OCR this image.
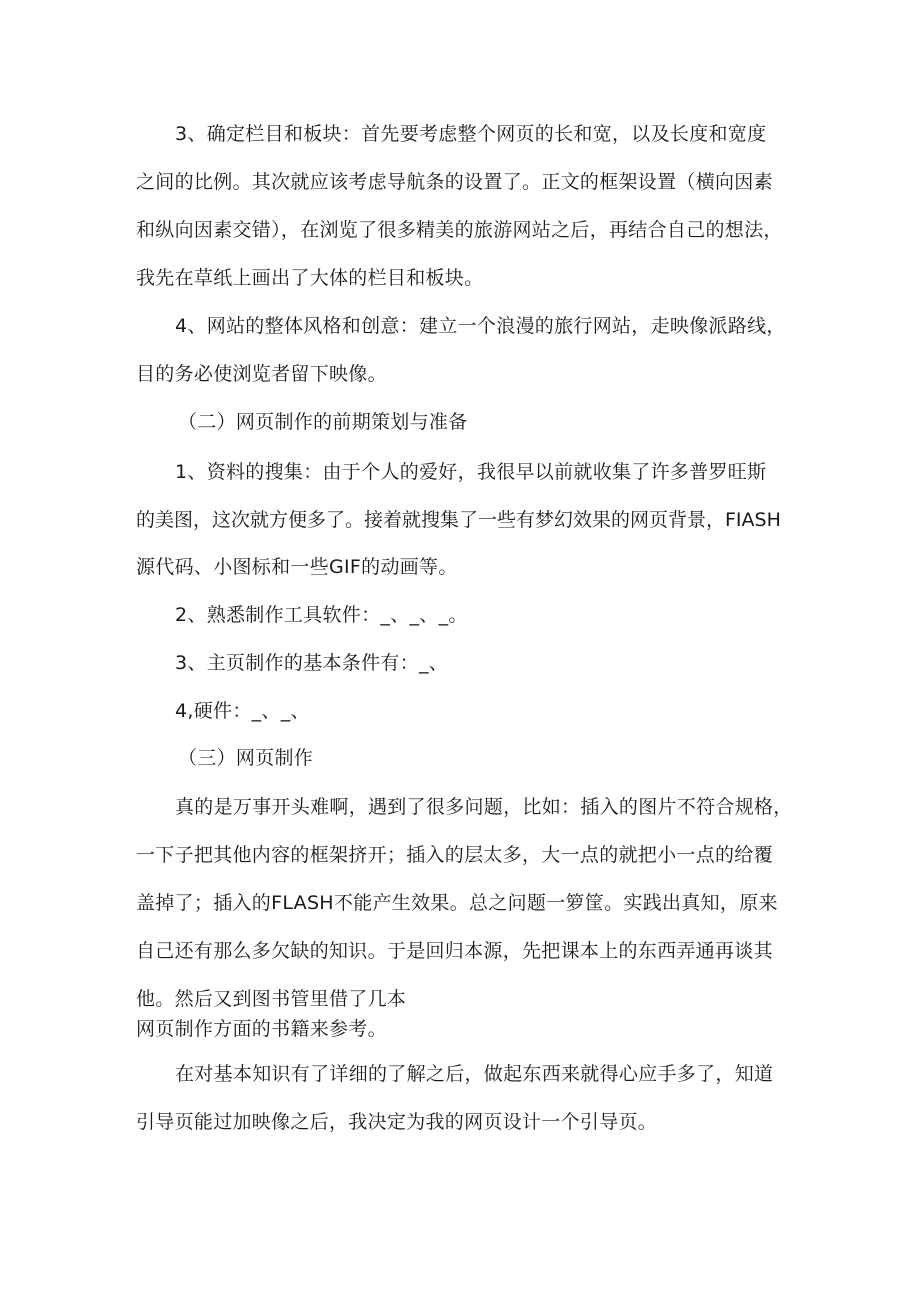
3、确定栏目和板块：首先要考虑整个网页的长和宽，以及长度和宽度

之间的比例。其次就应该考虑导航条的设置了。正文的框架设置（横向因素

和纵向因素交错），在浏览了很多精美的旅游网站之后，再结合自己的想法，

我先在草纸上画出了大体的栏目和板块。

4、网站的整体风格和创意：建立一个浪漫的旅行网站，走映像派路线，

目的务必使浏览者留下映像。

（二）网页制作的前期策划与准备

1、资料的搜集：由于个人的爱好，我很早以前就收集了许多普罗旺斯

的美图，这次就方便多了。接着就搜集了一些有梦幻效果的网页背景，FIASH

源代码、小图标和一些GIF的动画等。

2、熟悉制作工具软件：_、_、_。

3、主页制作的基本条件有：_、

4,硬件：_、_、

（三）网页制作

真的是万事开头难啊，遇到了很多问题，比如：插入的图片不符合规格，

一下子把其他内容的框架挤开；插入的层太多，大一点的就把小一点的给覆

盖掉了；插入的FLASH不能产生效果。总之问题一箩筐。实践出真知，原来

自己还有那么多欠缺的知识。于是回归本源，先把课本上的东西弄通再谈其

他。然后又到图书管里借了几本

网页制作方面的书籍来参考。

在对基本知识有了详细的了解之后，做起东西来就得心应手多了，知道

引导页能过加映像之后，我决定为我的网页设计一个引导页。
